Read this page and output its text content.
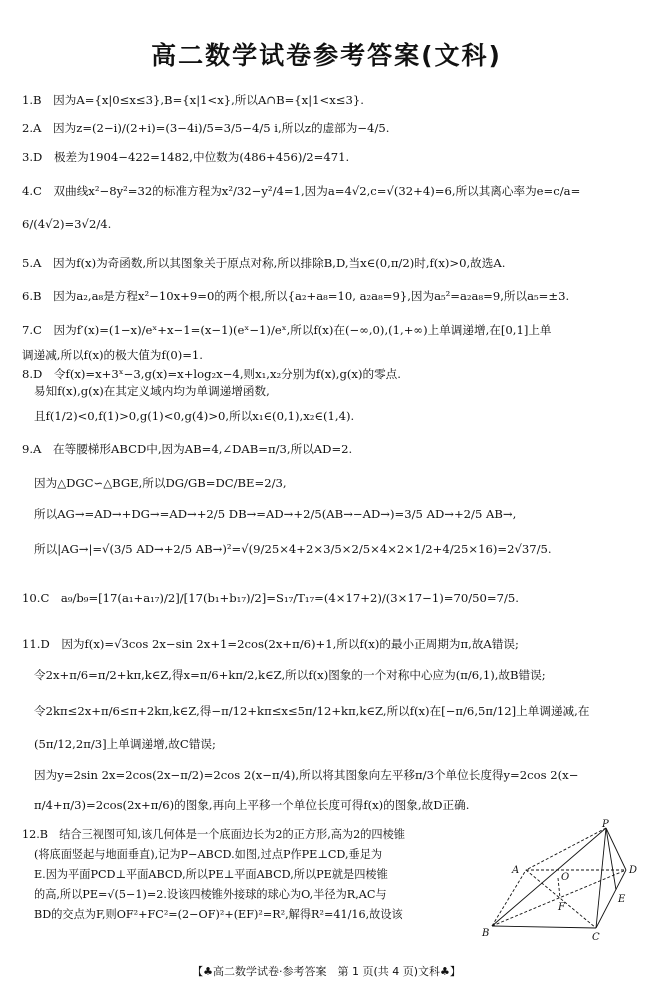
高二数学试卷参考答案(文科)
1.B　因为A={x|0≤x≤3},B={x|1<x},所以A∩B={x|1<x≤3}.
2.A　因为z=(2−i)/(2+i)=(3−4i)/5=3/5−4/5 i,所以z的虚部为−4/5.
3.D　极差为1904−422=1482,中位数为(486+456)/2=471.
4.C　双曲线x²−8y²=32的标准方程为x²/32−y²/4=1,因为a=4√2,c=√(32+4)=6,所以其离心率为e=c/a=
6/(4√2)=3√2/4.
5.A　因为f(x)为奇函数,所以其图象关于原点对称,所以排除B,D,当x∈(0,π/2)时,f(x)>0,故选A.
6.B　因为a₂,a₈是方程x²−10x+9=0的两个根,所以{a₂+a₈=10, a₂a₈=9},因为a₅²=a₂a₈=9,所以a₅=±3.
7.C　因为f′(x)=(1−x)/eˣ+x−1=(x−1)(eˣ−1)/eˣ,所以f(x)在(−∞,0),(1,+∞)上单调递增,在[0,1]上单
调递减,所以f(x)的极大值为f(0)=1.
8.D　令f(x)=x+3ˣ−3,g(x)=x+log₂x−4,则x₁,x₂分别为f(x),g(x)的零点.
易知f(x),g(x)在其定义域内均为单调递增函数,
且f(1/2)<0,f(1)>0,g(1)<0,g(4)>0,所以x₁∈(0,1),x₂∈(1,4).
9.A　在等腰梯形ABCD中,因为AB=4,∠DAB=π/3,所以AD=2.
因为△DGC∽△BGE,所以DG/GB=DC/BE=2/3,
所以AG→=AD→+DG→=AD→+2/5 DB→=AD→+2/5(AB→−AD→)=3/5 AD→+2/5 AB→,
所以|AG→|=√(3/5 AD→+2/5 AB→)²=√(9/25×4+2×3/5×2/5×4×2×1/2+4/25×16)=2√37/5.
10.C　a₉/b₉=[17(a₁+a₁₇)/2]/[17(b₁+b₁₇)/2]=S₁₇/T₁₇=(4×17+2)/(3×17−1)=70/50=7/5.
11.D　因为f(x)=√3cos 2x−sin 2x+1=2cos(2x+π/6)+1,所以f(x)的最小正周期为π,故A错误;
令2x+π/6=π/2+kπ,k∈Z,得x=π/6+kπ/2,k∈Z,所以f(x)图象的一个对称中心应为(π/6,1),故B错误;
令2kπ≤2x+π/6≤π+2kπ,k∈Z,得−π/12+kπ≤x≤5π/12+kπ,k∈Z,所以f(x)在[−π/6,5π/12]上单调递减,在
(5π/12,2π/3]上单调递增,故C错误;
因为y=2sin 2x=2cos(2x−π/2)=2cos 2(x−π/4),所以将其图象向左平移π/3个单位长度得y=2cos 2(x−
π/4+π/3)=2cos(2x+π/6)的图象,再向上平移一个单位长度可得f(x)的图象,故D正确.
12.B　结合三视图可知,该几何体是一个底面边长为2的正方形,高为2的四棱锥
(将底面竖起与地面垂直),记为P−ABCD.如图,过点P作PE⊥CD,垂足为
E.因为平面PCD⊥平面ABCD,所以PE⊥平面ABCD,所以PE就是四棱锥
的高,所以PE=√(5−1)=2.设该四棱锥外接球的球心为O,半径为R,AC与
BD的交点为F,则OF²+FC²=(2−OF)²+(EF)²=R²,解得R²=41/16,故设该
P
A	D
O
F
E
B	C
【♣高二数学试卷·参考答案　第 1 页(共 4 页)文科♣】
